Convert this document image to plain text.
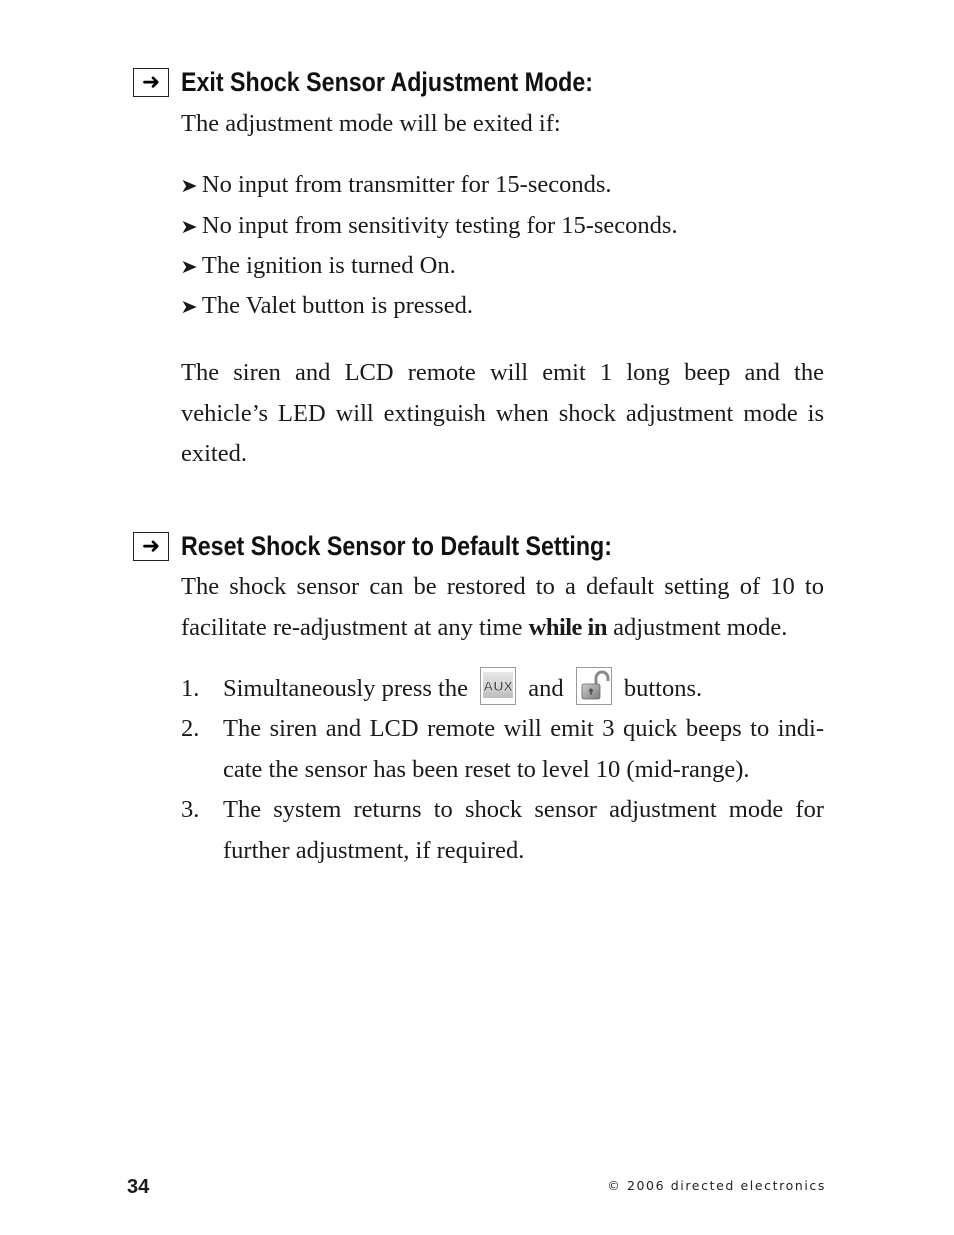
➜ Exit Shock Sensor Adjustment Mode:

The adjustment mode will be exited if:

➤ No input from transmitter for 15-seconds.

➤ No input from sensitivity testing for 15-seconds.

➤ The ignition is turned On.

➤ The Valet button is pressed.

The siren and LCD remote will emit 1 long beep and the vehicle’s LED will extinguish when shock adjustment mode is exited.

➜ Reset Shock Sensor to Default Setting:

The shock sensor can be restored to a default setting of 10 to facilitate re-adjustment at any time while in adjustment mode.

1. Simultaneously press the AUX and buttons.
2. The siren and LCD remote will emit 3 quick beeps to indi-cate the sensor has been reset to level 10 (mid-range).
3. The system returns to shock sensor adjustment mode for further adjustment, if required.
34	© 2006 directed electronics
